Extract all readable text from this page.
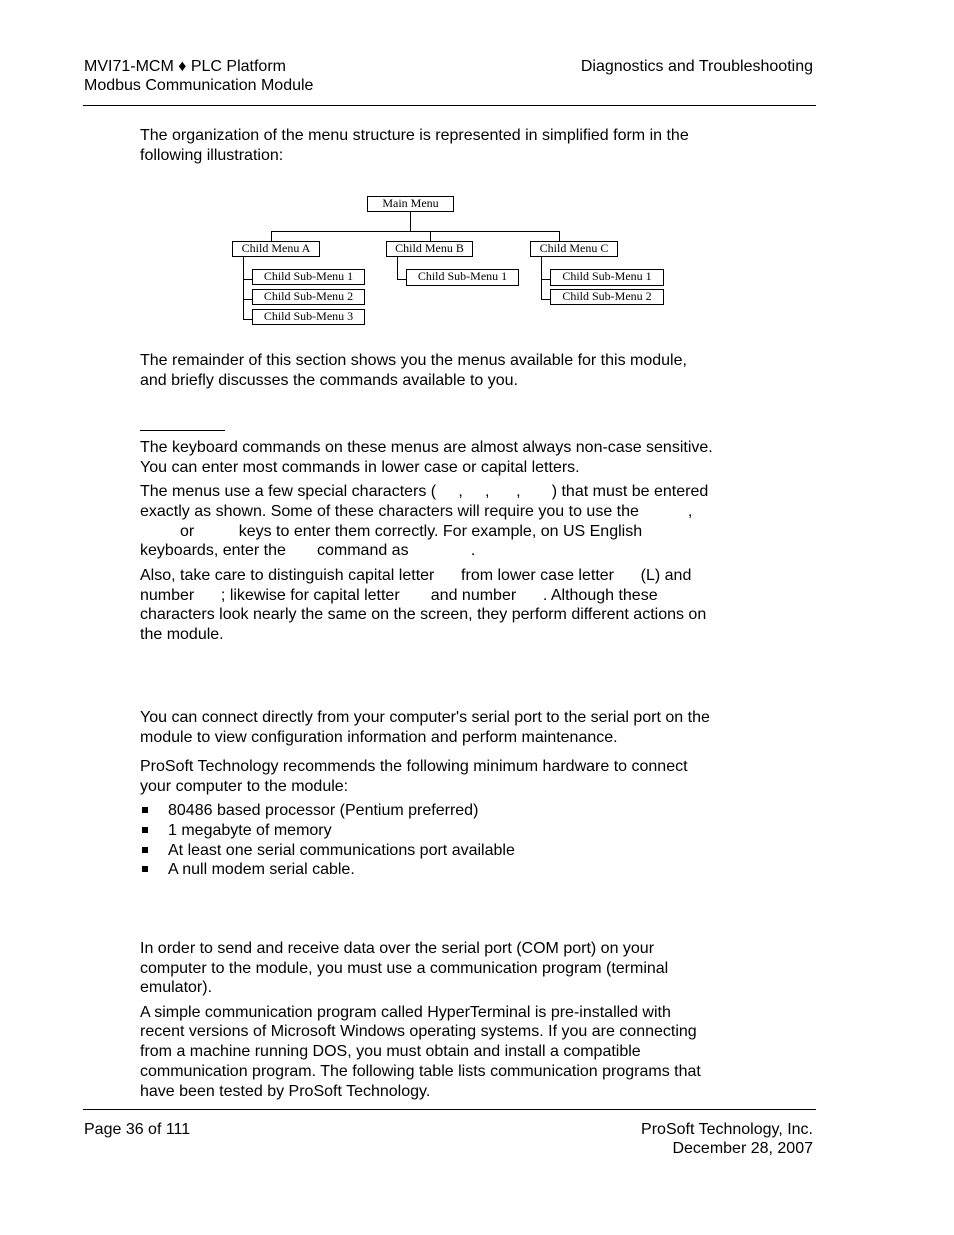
MVI71-MCM ♦ PLC Platform
Modbus Communication Module
Diagnostics and Troubleshooting
The organization of the menu structure is represented in simplified form in the
following illustration:
Main Menu
Child Menu A	Child Menu B	Child Menu C
Child Sub-Menu 1
Child Sub-Menu 2
Child Sub-Menu 3
Child Sub-Menu 1	Child Sub-Menu 1
Child Sub-Menu 2
The remainder of this section shows you the menus available for this module,
and briefly discusses the commands available to you.
The keyboard commands on these menus are almost always non-case sensitive.
You can enter most commands in lower case or capital letters.
The menus use a few special characters (     ,     ,      ,       ) that must be entered
exactly as shown. Some of these characters will require you to use the           ,
or          keys to enter them correctly. For example, on US English
keyboards, enter the       command as              .
Also, take care to distinguish capital letter      from lower case letter      (L) and
number      ; likewise for capital letter       and number      . Although these
characters look nearly the same on the screen, they perform different actions on
the module.
You can connect directly from your computer's serial port to the serial port on the
module to view configuration information and perform maintenance.
ProSoft Technology recommends the following minimum hardware to connect
your computer to the module:
80486 based processor (Pentium preferred)
1 megabyte of memory
At least one serial communications port available
A null modem serial cable.
In order to send and receive data over the serial port (COM port) on your
computer to the module, you must use a communication program (terminal
emulator).
A simple communication program called HyperTerminal is pre-installed with
recent versions of Microsoft Windows operating systems. If you are connecting
from a machine running DOS, you must obtain and install a compatible
communication program. The following table lists communication programs that
have been tested by ProSoft Technology.
Page 36 of 111	ProSoft Technology, Inc.
December 28, 2007
